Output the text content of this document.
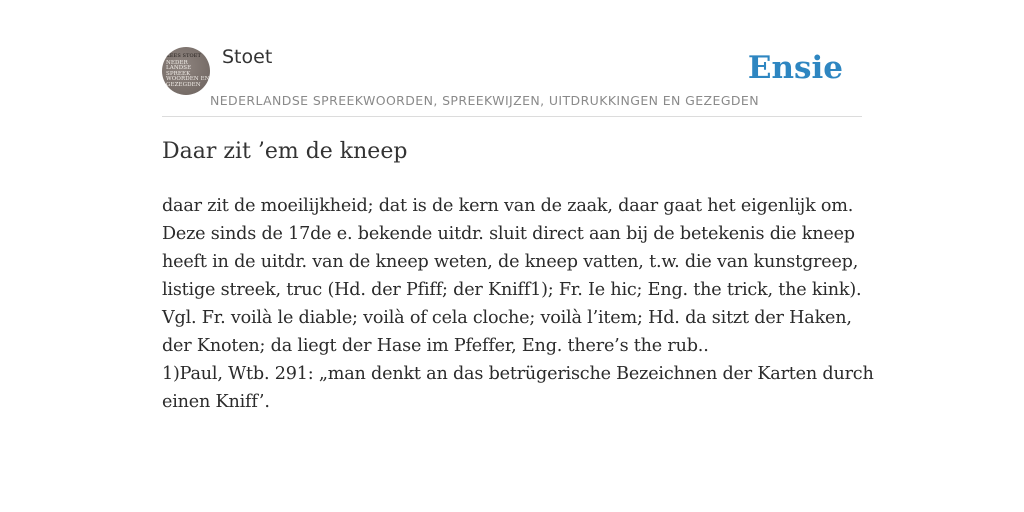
KEES STOET
NEDER
LANDSE
SPREEK
WOORDEN EN
GEZEGDEN
Stoet
NEDERLANDSE SPREEKWOORDEN, SPREEKWIJZEN, UITDRUKKINGEN EN GEZEGDEN
Ensie
Daar zit ’em de kneep

daar zit de moeilijkheid; dat is de kern van de zaak, daar gaat het eigenlijk om.
Deze sinds de 17de e. bekende uitdr. sluit direct aan bij de betekenis die kneep
heeft in de uitdr. van de kneep weten, de kneep vatten, t.w. die van kunstgreep,
listige streek, truc (Hd. der Pfiff; der Kniff1); Fr. Ie hic; Eng. the trick, the kink).
Vgl. Fr. voilà le diable; voilà of cela cloche; voilà l’item; Hd. da sitzt der Haken,
der Knoten; da liegt der Hase im Pfeffer, Eng. there’s the rub..
1)Paul, Wtb. 291: „man denkt an das betrügerische Bezeichnen der Karten durch
einen Kniff’.
